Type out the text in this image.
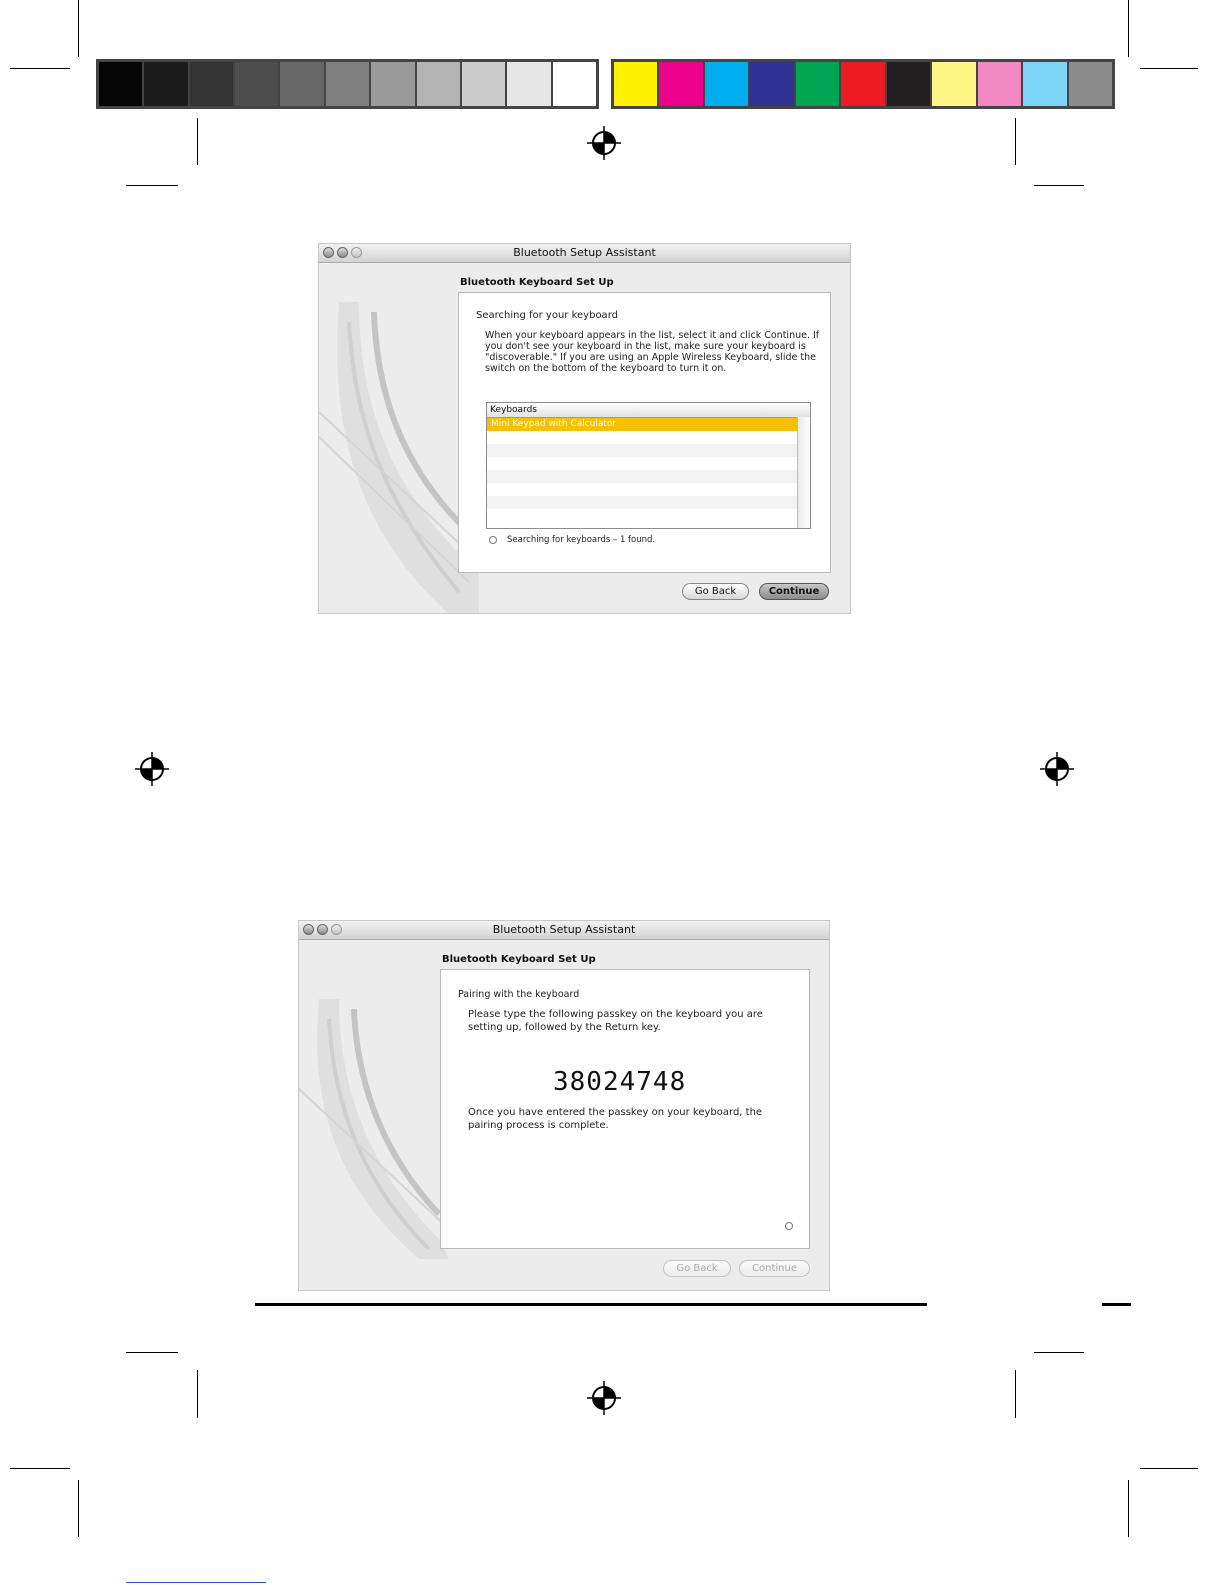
Bluetooth Setup Assistant
Bluetooth Keyboard Set Up
Searching for your keyboard
When your keyboard appears in the list, select it and click Continue. If
you don't see your keyboard in the list, make sure your keyboard is
"discoverable." If you are using an Apple Wireless Keyboard, slide the
switch on the bottom of the keyboard to turn it on.
Keyboards
Mini Keypad with Calculator
Searching for keyboards – 1 found.
Go Back	Continue
Bluetooth Setup Assistant
Bluetooth Keyboard Set Up
Pairing with the keyboard
Please type the following passkey on the keyboard you are
setting up, followed by the Return key.
38024748
Once you have entered the passkey on your keyboard, the
pairing process is complete.
Go Back	Continue
